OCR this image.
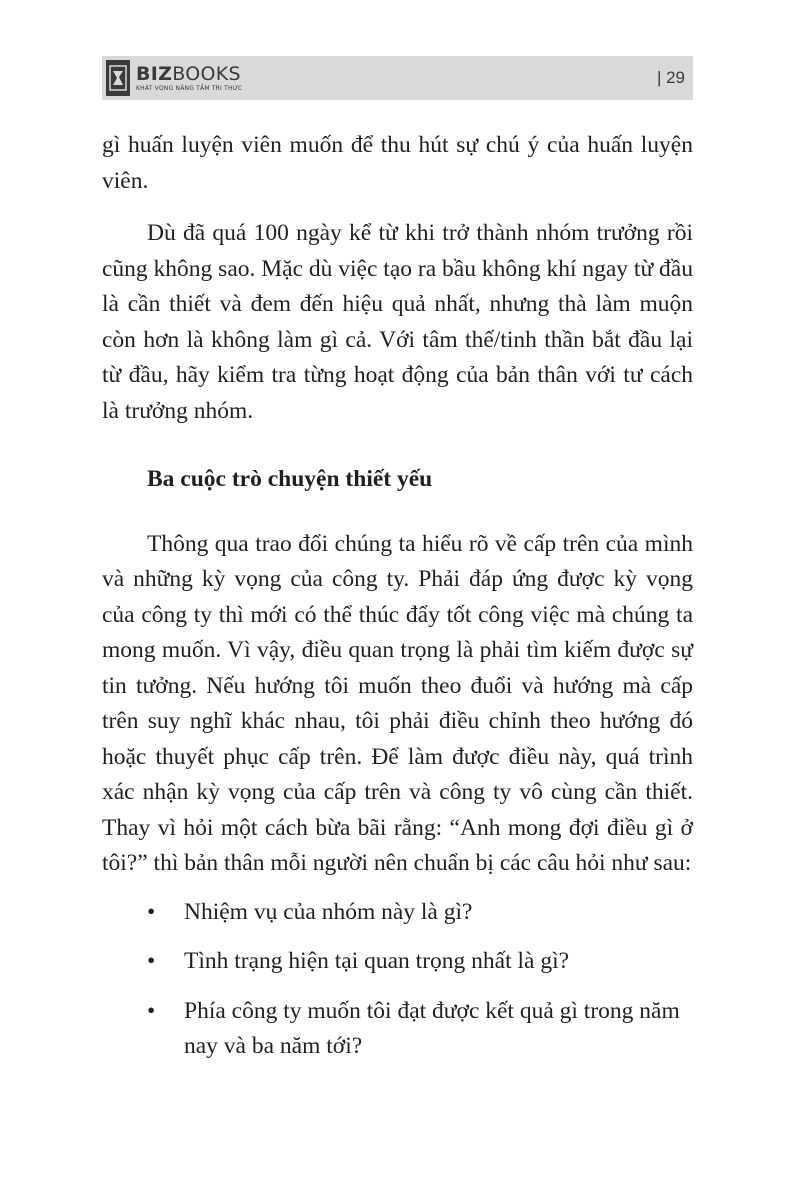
BIZBOOKS
KHÁT VỌNG NÂNG TẦM TRI THỨC
| 29

gì huấn luyện viên muốn để thu hút sự chú ý của huấn luyện viên.

Dù đã quá 100 ngày kể từ khi trở thành nhóm trưởng rồi cũng không sao. Mặc dù việc tạo ra bầu không khí ngay từ đầu là cần thiết và đem đến hiệu quả nhất, nhưng thà làm muộn còn hơn là không làm gì cả. Với tâm thế/tinh thần bắt đầu lại từ đầu, hãy kiểm tra từng hoạt động của bản thân với tư cách là trưởng nhóm.

Ba cuộc trò chuyện thiết yếu

Thông qua trao đổi chúng ta hiểu rõ về cấp trên của mình và những kỳ vọng của công ty. Phải đáp ứng được kỳ vọng của công ty thì mới có thể thúc đẩy tốt công việc mà chúng ta mong muốn. Vì vậy, điều quan trọng là phải tìm kiếm được sự tin tưởng. Nếu hướng tôi muốn theo đuổi và hướng mà cấp trên suy nghĩ khác nhau, tôi phải điều chỉnh theo hướng đó hoặc thuyết phục cấp trên. Để làm được điều này, quá trình xác nhận kỳ vọng của cấp trên và công ty vô cùng cần thiết. Thay vì hỏi một cách bừa bãi rằng: “Anh mong đợi điều gì ở tôi?” thì bản thân mỗi người nên chuẩn bị các câu hỏi như sau:

• Nhiệm vụ của nhóm này là gì?
• Tình trạng hiện tại quan trọng nhất là gì?
• Phía công ty muốn tôi đạt được kết quả gì trong năm nay và ba năm tới?
